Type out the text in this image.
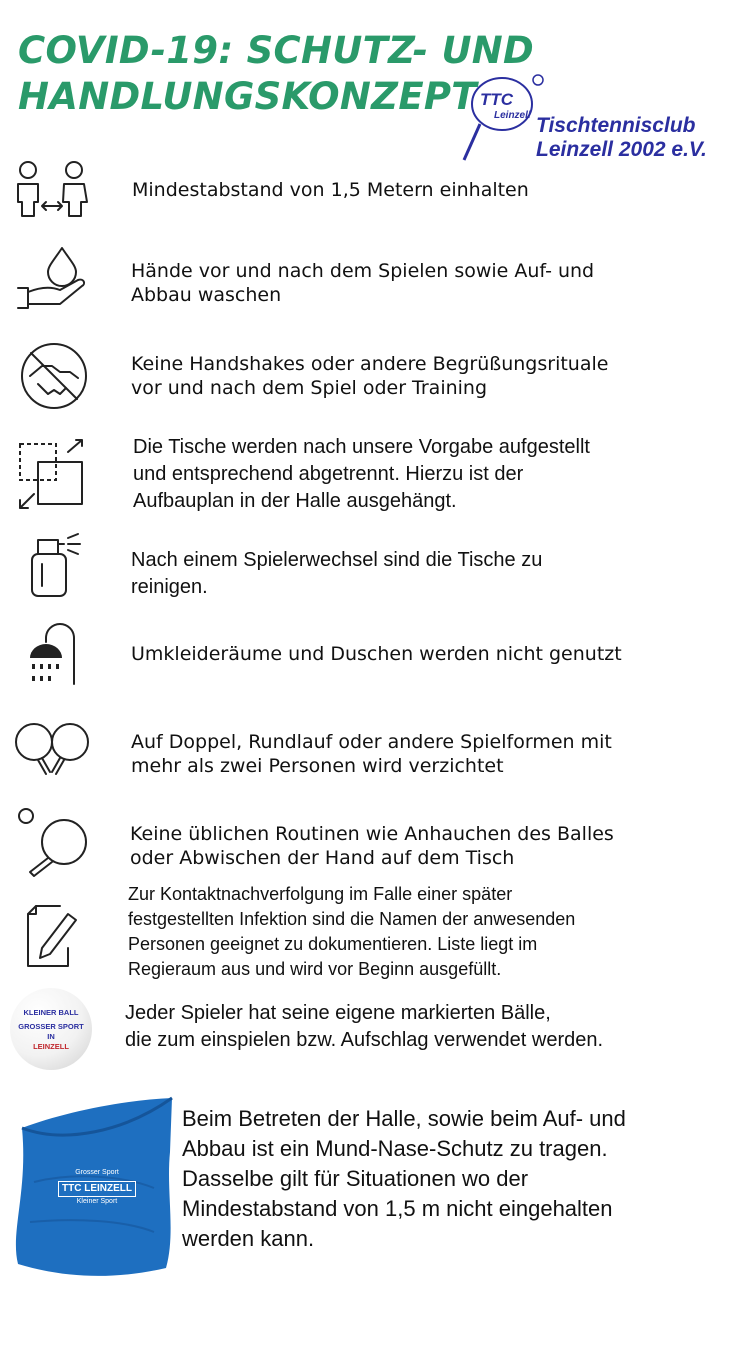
COVID-19: SCHUTZ- UND
HANDLUNGSKONZEPT TTC
Leinzell Tischtennisclub
Leinzell 2002 e.V.

Mindestabstand von 1,5 Metern einhalten

Hände vor und nach dem Spielen sowie Auf- und
Abbau waschen

Keine Handshakes oder andere Begrüßungsrituale
vor und nach dem Spiel oder Training

Die Tische werden nach unsere Vorgabe aufgestellt
und entsprechend abgetrennt. Hierzu ist der
Aufbauplan in der Halle ausgehängt.

Nach einem Spielerwechsel sind die Tische zu
reinigen.

Umkleideräume und Duschen werden nicht genutzt

Auf Doppel, Rundlauf oder andere Spielformen mit
mehr als zwei Personen wird verzichtet

Keine üblichen Routinen wie Anhauchen des Balles
oder Abwischen der Hand auf dem Tisch

Zur Kontaktnachverfolgung im Falle einer später
festgestellten Infektion sind die Namen der anwesenden
Personen geeignet zu dokumentieren. Liste liegt im
Regieraum aus und wird vor Beginn ausgefüllt.

KLEINER BALL
GROSSER SPORT
IN
LEINZELL

Jeder Spieler hat seine eigene markierten Bälle,
die zum einspielen bzw. Aufschlag verwendet werden.

Grosser Sport
TTC LEINZELL
Kleiner Sport

Beim Betreten der Halle, sowie beim Auf- und
Abbau ist ein Mund-Nase-Schutz zu tragen.
Dasselbe gilt für Situationen wo der
Mindestabstand von 1,5 m nicht eingehalten
werden kann.
